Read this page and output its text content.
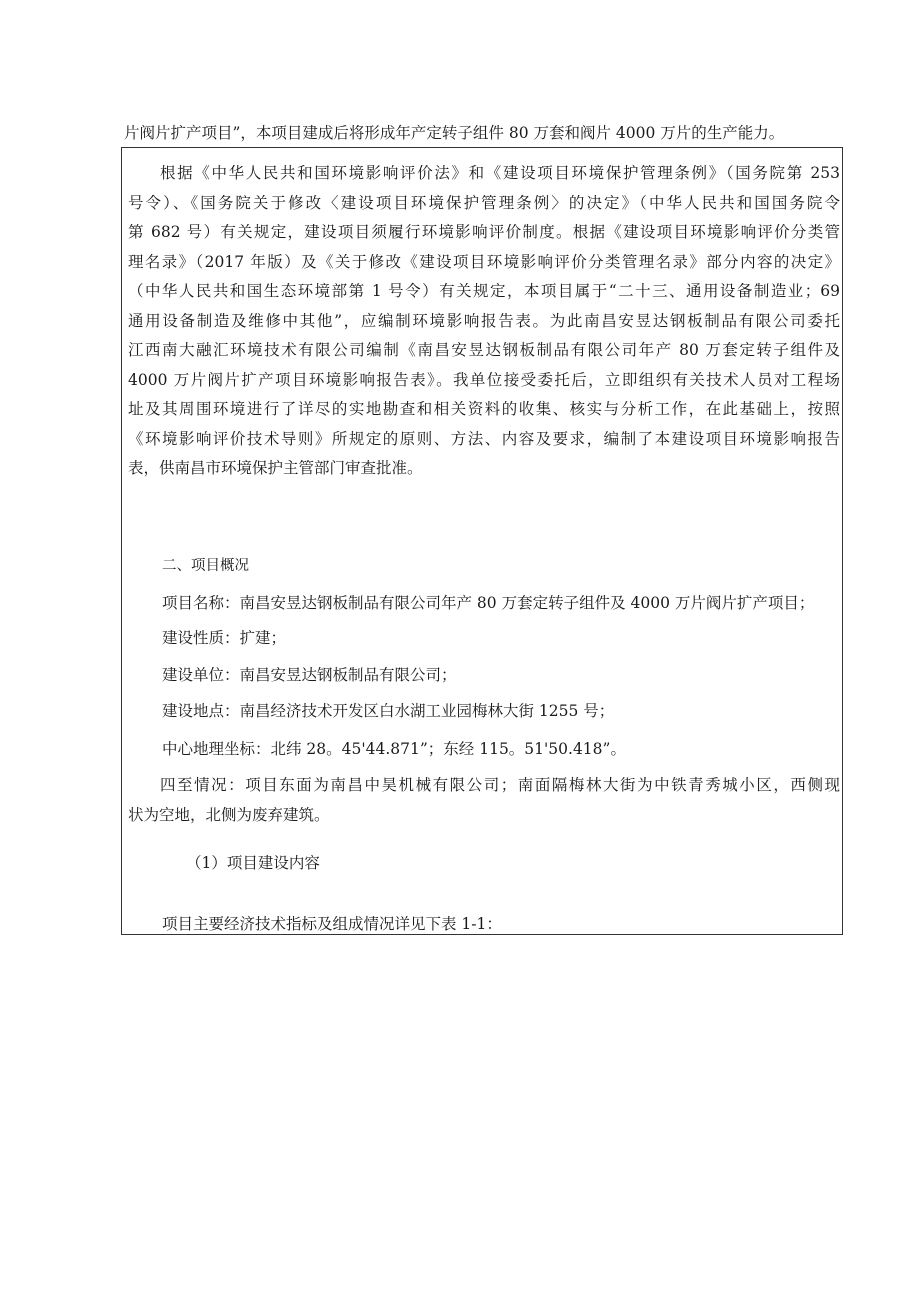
片阀片扩产项目”，本项目建成后将形成年产定转子组件 80 万套和阀片 4000 万片的生产能力。
根据《中华人民共和国环境影响评价法》和《建设项目环境保护管理条例》（国务院第 253
号令）、《国务院关于修改〈建设项目环境保护管理条例〉的决定》（中华人民共和国国务院令
第 682 号）有关规定，建设项目须履行环境影响评价制度。根据《建设项目环境影响评价分类管
理名录》（2017 年版）及《关于修改《建设项目环境影响评价分类管理名录》部分内容的决定》
（中华人民共和国生态环境部第 1 号令）有关规定，本项目属于“二十三、通用设备制造业；69
通用设备制造及维修中其他”，应编制环境影响报告表。为此南昌安昱达钢板制品有限公司委托
江西南大融汇环境技术有限公司编制《南昌安昱达钢板制品有限公司年产 80 万套定转子组件及
4000 万片阀片扩产项目环境影响报告表》。我单位接受委托后，立即组织有关技术人员对工程场
址及其周围环境进行了详尽的实地勘查和相关资料的收集、核实与分析工作，在此基础上，按照
《环境影响评价技术导则》所规定的原则、方法、内容及要求，编制了本建设项目环境影响报告
表，供南昌市环境保护主管部门审查批准。
二、项目概况
项目名称：南昌安昱达钢板制品有限公司年产 80 万套定转子组件及 4000 万片阀片扩产项目；
建设性质：扩建；
建设单位：南昌安昱达钢板制品有限公司；
建设地点：南昌经济技术开发区白水湖工业园梅林大街 1255 号；
中心地理坐标：北纬 28。45'44.871”；东经 115。51'50.418”。
四至情况：项目东面为南昌中昊机械有限公司；南面隔梅林大街为中铁青秀城小区，西侧现
状为空地，北侧为废弃建筑。
（1）项目建设内容
项目主要经济技术指标及组成情况详见下表 1-1：
